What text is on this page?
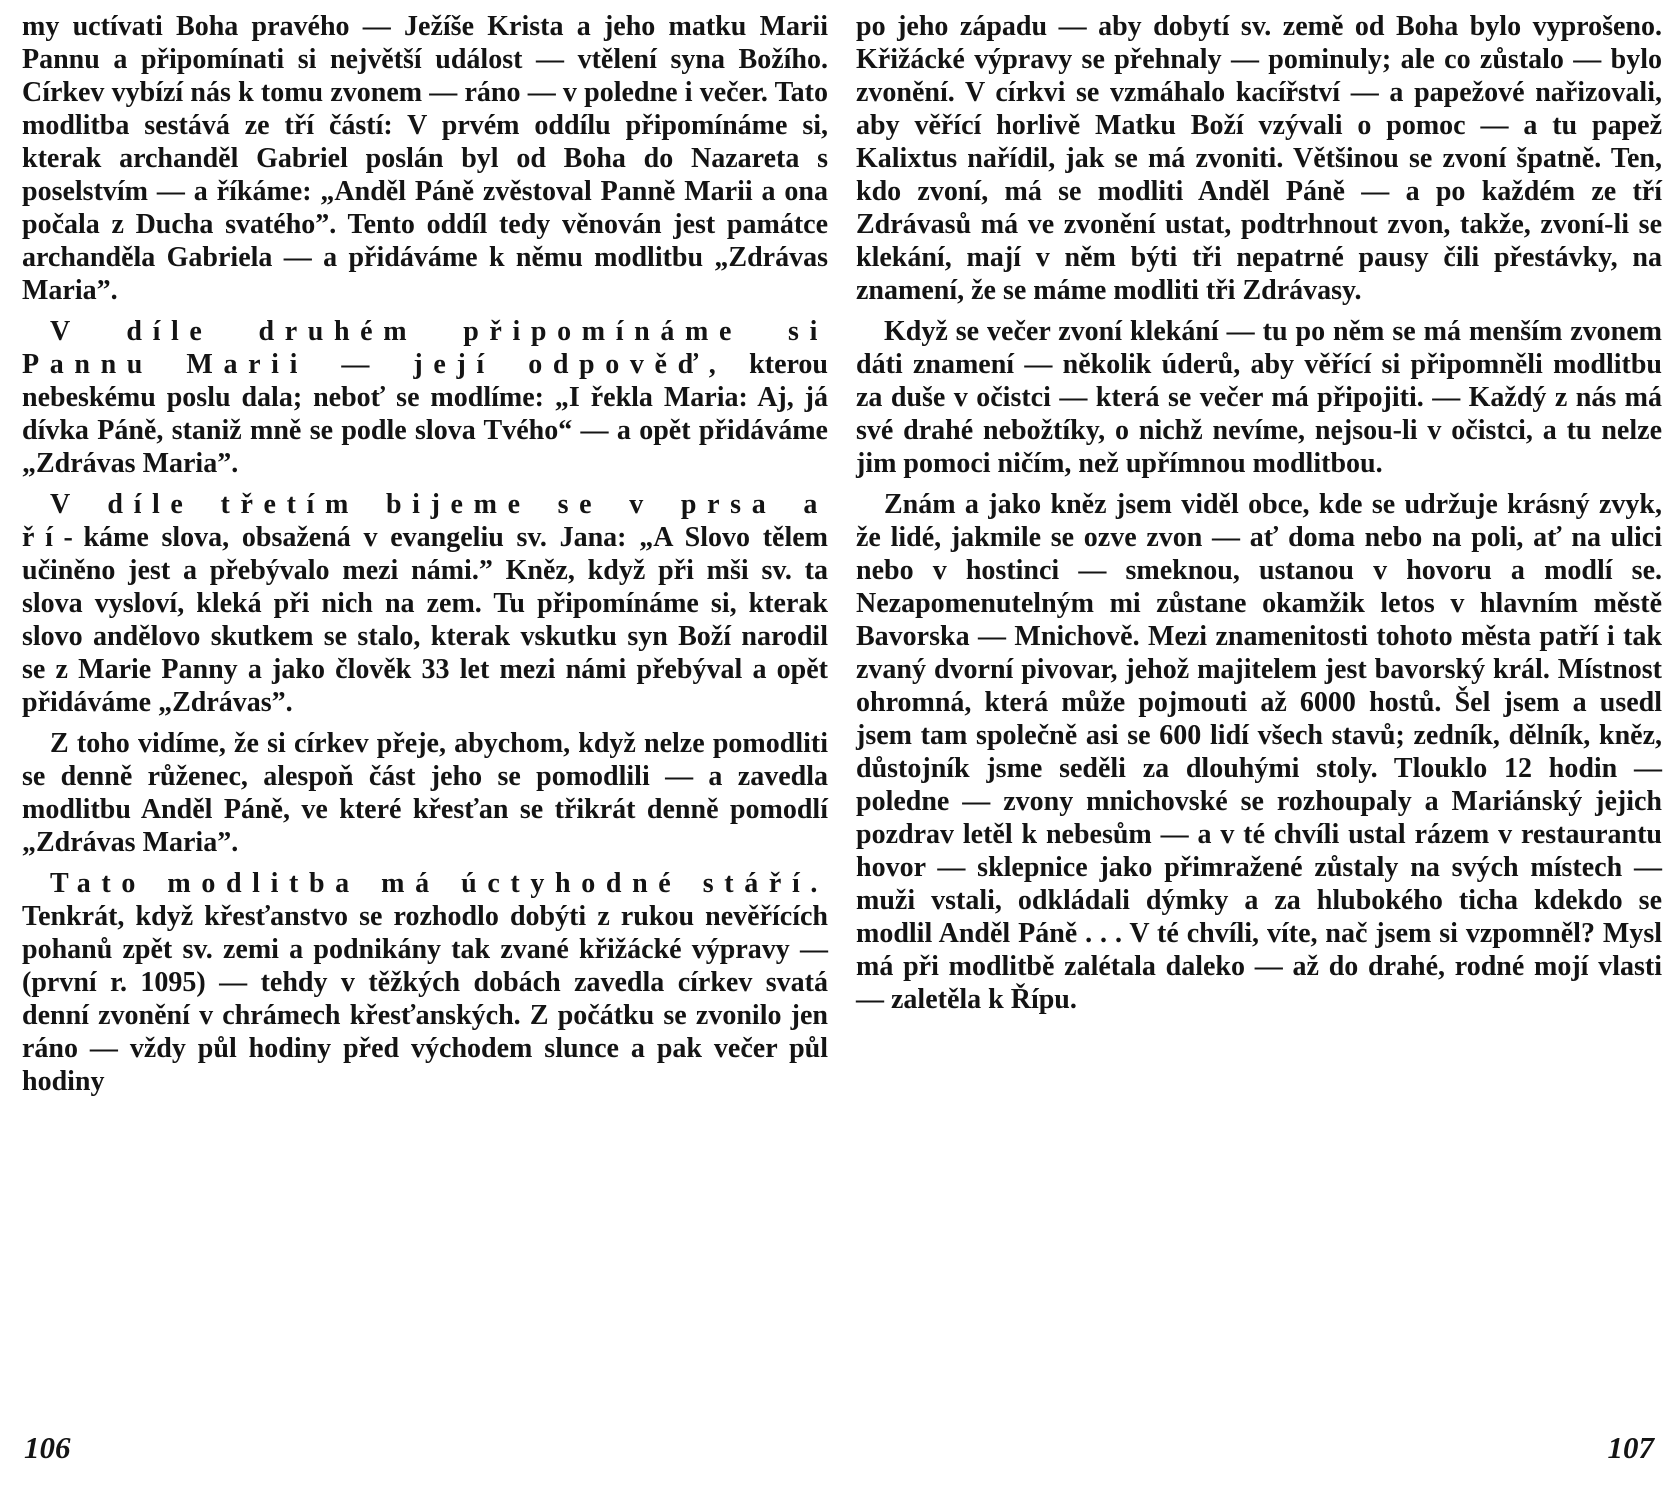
my uctívati Boha pravého — Ježíše Krista a jeho matku Marii Pannu a připomínati si největší událost — vtělení syna Božího. Církev vybízí nás k tomu zvonem — ráno — v poledne i večer. Tato modlitba sestává ze tří částí: V prvém oddílu připomínáme si, kterak archanděl Gabriel poslán byl od Boha do Nazareta s poselstvím — a říkáme: „Anděl Páně zvěstoval Panně Marii a ona počala z Ducha svatého”. Tento oddíl tedy věnován jest památce archanděla Gabriela — a přidáváme k němu modlitbu „Zdrávas Maria”.

V díle druhém připomínáme si Pannu Marii — její odpověď, kterou nebeskému poslu dala; neboť se modlíme: „I řekla Maria: Aj, já dívka Páně, staniž mně se podle slova Tvého“ — a opět přidáváme „Zdrávas Maria”.

V díle třetím bijeme se v prsa a ří-káme slova, obsažená v evangeliu sv. Jana: „A Slovo tělem učiněno jest a přebývalo mezi námi.” Kněz, když při mši sv. ta slova vysloví, kleká při nich na zem. Tu připomínáme si, kterak slovo andělovo skutkem se stalo, kterak vskutku syn Boží narodil se z Marie Panny a jako člověk 33 let mezi námi přebýval a opět přidáváme „Zdrávas”.

Z toho vidíme, že si církev přeje, abychom, když nelze pomodliti se denně růženec, alespoň část jeho se pomodlili — a zavedla modlitbu Anděl Páně, ve které křesťan se třikrát denně pomodlí „Zdrávas Maria”.

Tato modlitba má úctyhodné stáří. Tenkrát, když křesťanstvo se rozhodlo dobýti z rukou nevěřících pohanů zpět sv. zemi a podnikány tak zvané křižácké výpravy — (první r. 1095) — tehdy v těžkých dobách zavedla církev svatá denní zvonění v chrámech křesťanských. Z počátku se zvonilo jen ráno — vždy půl hodiny před východem slunce a pak večer půl hodiny

po jeho západu — aby dobytí sv. země od Boha bylo vyprošeno. Křižácké výpravy se přehnaly — pominuly; ale co zůstalo — bylo zvonění. V církvi se vzmáhalo kacířství — a papežové nařizovali, aby věřící horlivě Matku Boží vzývali o pomoc — a tu papež Kalixtus nařídil, jak se má zvoniti. Většinou se zvoní špatně. Ten, kdo zvoní, má se modliti Anděl Páně — a po každém ze tří Zdrávasů má ve zvonění ustat, podtrhnout zvon, takže, zvoní-li se klekání, mají v něm býti tři nepatrné pausy čili přestávky, na znamení, že se máme modliti tři Zdrávasy.

Když se večer zvoní klekání — tu po něm se má menším zvonem dáti znamení — několik úderů, aby věřící si připomněli modlitbu za duše v očistci — která se večer má připojiti. — Každý z nás má své drahé nebožtíky, o nichž nevíme, nejsou-li v očistci, a tu nelze jim pomoci ničím, než upřímnou modlitbou.

Znám a jako kněz jsem viděl obce, kde se udržuje krásný zvyk, že lidé, jakmile se ozve zvon — ať doma nebo na poli, ať na ulici nebo v hostinci — smeknou, ustanou v hovoru a modlí se. Nezapomenutelným mi zůstane okamžik letos v hlavním městě Bavorska — Mnichově. Mezi znamenitosti tohoto města patří i tak zvaný dvorní pivovar, jehož majitelem jest bavorský král. Místnost ohromná, která může pojmouti až 6000 hostů. Šel jsem a usedl jsem tam společně asi se 600 lidí všech stavů; zedník, dělník, kněz, důstojník jsme seděli za dlouhými stoly. Tlouklo 12 hodin — poledne — zvony mnichovské se rozhoupaly a Mariánský jejich pozdrav letěl k nebesům — a v té chvíli ustal rázem v restaurantu hovor — sklepnice jako přimražené zůstaly na svých místech — muži vstali, odkládali dýmky a za hlubokého ticha kdekdo se modlil Anděl Páně . . . V té chvíli, víte, nač jsem si vzpomněl? Mysl má při modlitbě zalétala daleko — až do drahé, rodné mojí vlasti — zaletěla k Řípu.

106	107
